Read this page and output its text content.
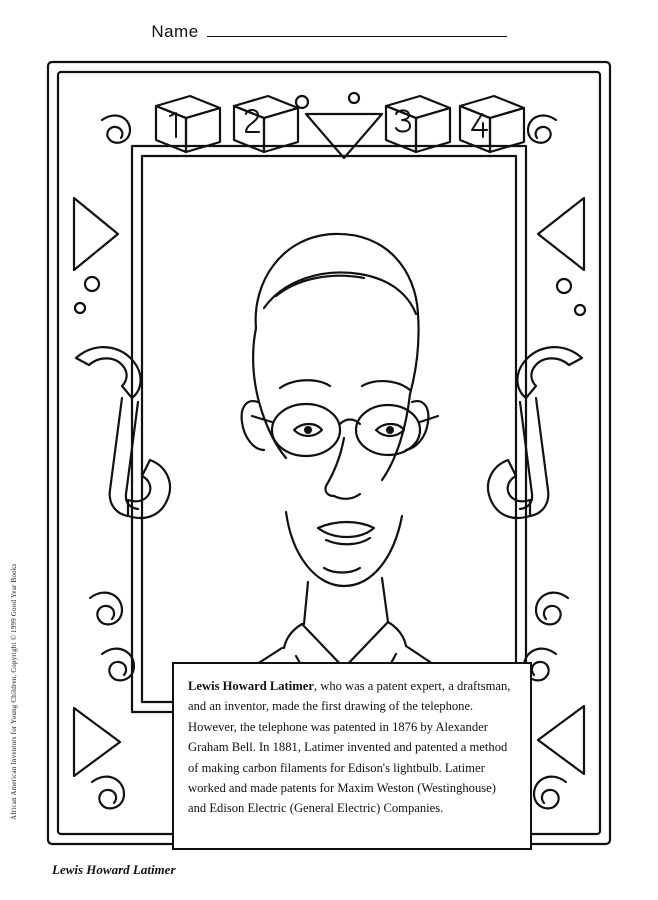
Name
African American Inventors for Young Children, Copyright © 1999 Good Year Books	Lewis Howard Latimer, who was a patent expert, a draftsman, and an inventor, made the first drawing of the telephone. However, the telephone was patented in 1876 by Alexander Graham Bell. In 1881, Latimer invented and patented a method of making carbon filaments for Edison's lightbulb. Latimer worked and made patents for Maxim Weston (Westinghouse) and Edison Electric (General Electric) Companies.

Lewis Howard Latimer
